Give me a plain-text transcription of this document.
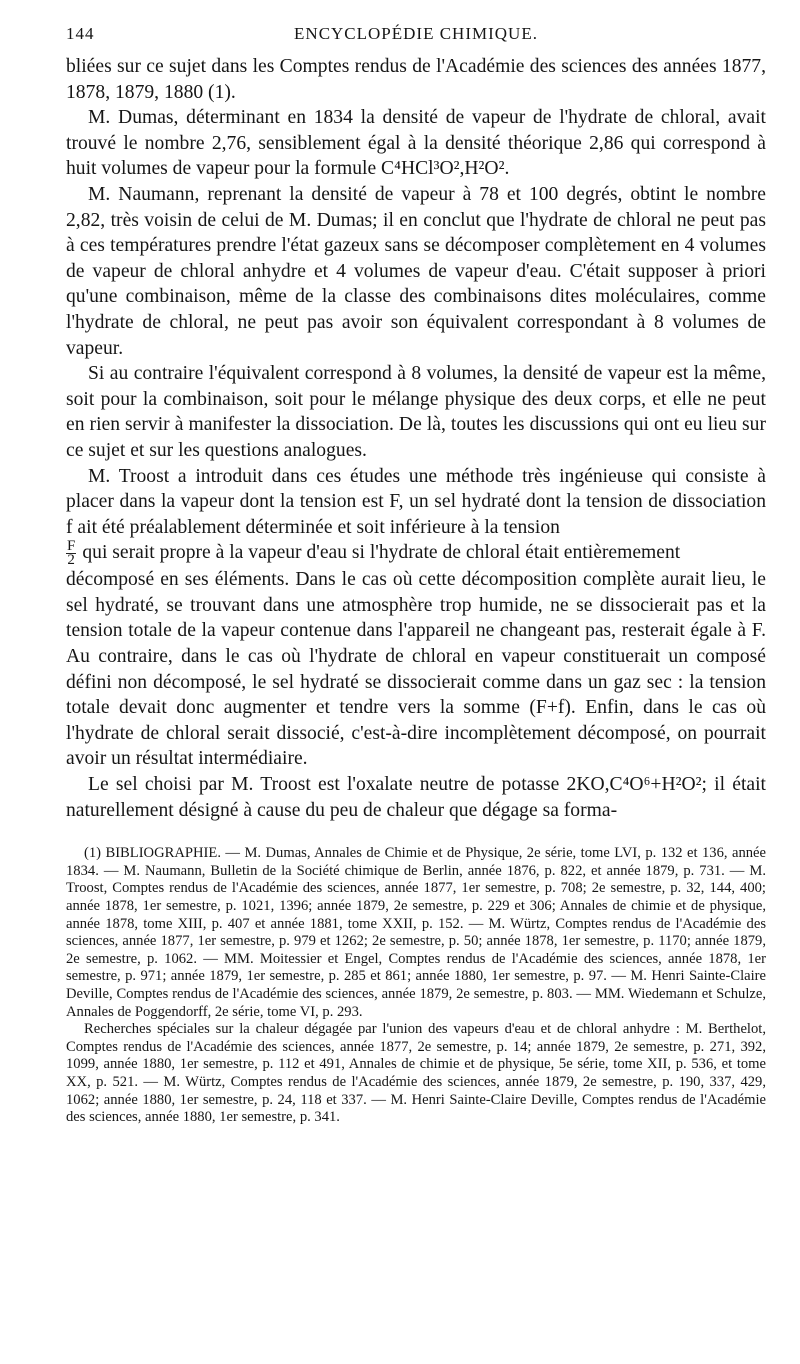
144	ENCYCLOPÉDIE CHIMIQUE.

bliées sur ce sujet dans les Comptes rendus de l'Académie des sciences des années 1877, 1878, 1879, 1880 (1).

M. Dumas, déterminant en 1834 la densité de vapeur de l'hydrate de chloral, avait trouvé le nombre 2,76, sensiblement égal à la densité théorique 2,86 qui correspond à huit volumes de vapeur pour la formule C⁴HCl³O²,H²O².

M. Naumann, reprenant la densité de vapeur à 78 et 100 degrés, obtint le nombre 2,82, très voisin de celui de M. Dumas; il en conclut que l'hydrate de chloral ne peut pas à ces températures prendre l'état gazeux sans se décomposer complètement en 4 volumes de vapeur de chloral anhydre et 4 volumes de vapeur d'eau. C'était supposer à priori qu'une combinaison, même de la classe des combinaisons dites moléculaires, comme l'hydrate de chloral, ne peut pas avoir son équivalent correspondant à 8 volumes de vapeur.

Si au contraire l'équivalent correspond à 8 volumes, la densité de vapeur est la même, soit pour la combinaison, soit pour le mélange physique des deux corps, et elle ne peut en rien servir à manifester la dissociation. De là, toutes les discussions qui ont eu lieu sur ce sujet et sur les questions analogues.

M. Troost a introduit dans ces études une méthode très ingénieuse qui consiste à placer dans la vapeur dont la tension est F, un sel hydraté dont la tension de dissociation f ait été préalablement déterminée et soit inférieure à la tension

$\frac{F}{2}$ qui serait propre à la vapeur d'eau si l'hydrate de chloral était entièremement

décomposé en ses éléments. Dans le cas où cette décomposition complète aurait lieu, le sel hydraté, se trouvant dans une atmosphère trop humide, ne se dissocierait pas et la tension totale de la vapeur contenue dans l'appareil ne changeant pas, resterait égale à F. Au contraire, dans le cas où l'hydrate de chloral en vapeur constituerait un composé défini non décomposé, le sel hydraté se dissocierait comme dans un gaz sec : la tension totale devait donc augmenter et tendre vers la somme (F+f). Enfin, dans le cas où l'hydrate de chloral serait dissocié, c'est-à-dire incomplètement décomposé, on pourrait avoir un résultat intermédiaire.

Le sel choisi par M. Troost est l'oxalate neutre de potasse 2KO,C⁴O⁶+H²O²; il était naturellement désigné à cause du peu de chaleur que dégage sa forma-

(1) BIBLIOGRAPHIE. — M. Dumas, Annales de Chimie et de Physique, 2e série, tome LVI, p. 132 et 136, année 1834. — M. Naumann, Bulletin de la Société chimique de Berlin, année 1876, p. 822, et année 1879, p. 731. — M. Troost, Comptes rendus de l'Académie des sciences, année 1877, 1er semestre, p. 708; 2e semestre, p. 32, 144, 400; année 1878, 1er semestre, p. 1021, 1396; année 1879, 2e semestre, p. 229 et 306; Annales de chimie et de physique, année 1878, tome XIII, p. 407 et année 1881, tome XXII, p. 152. — M. Würtz, Comptes rendus de l'Académie des sciences, année 1877, 1er semestre, p. 979 et 1262; 2e semestre, p. 50; année 1878, 1er semestre, p. 1170; année 1879, 2e semestre, p. 1062. — MM. Moitessier et Engel, Comptes rendus de l'Académie des sciences, année 1878, 1er semestre, p. 971; année 1879, 1er semestre, p. 285 et 861; année 1880, 1er semestre, p. 97. — M. Henri Sainte-Claire Deville, Comptes rendus de l'Académie des sciences, année 1879, 2e semestre, p. 803. — MM. Wiedemann et Schulze, Annales de Poggendorff, 2e série, tome VI, p. 293.

Recherches spéciales sur la chaleur dégagée par l'union des vapeurs d'eau et de chloral anhydre : M. Berthelot, Comptes rendus de l'Académie des sciences, année 1877, 2e semestre, p. 14; année 1879, 2e semestre, p. 271, 392, 1099, année 1880, 1er semestre, p. 112 et 491, Annales de chimie et de physique, 5e série, tome XII, p. 536, et tome XX, p. 521. — M. Würtz, Comptes rendus de l'Académie des sciences, année 1879, 2e semestre, p. 190, 337, 429, 1062; année 1880, 1er semestre, p. 24, 118 et 337. — M. Henri Sainte-Claire Deville, Comptes rendus de l'Académie des sciences, année 1880, 1er semestre, p. 341.
